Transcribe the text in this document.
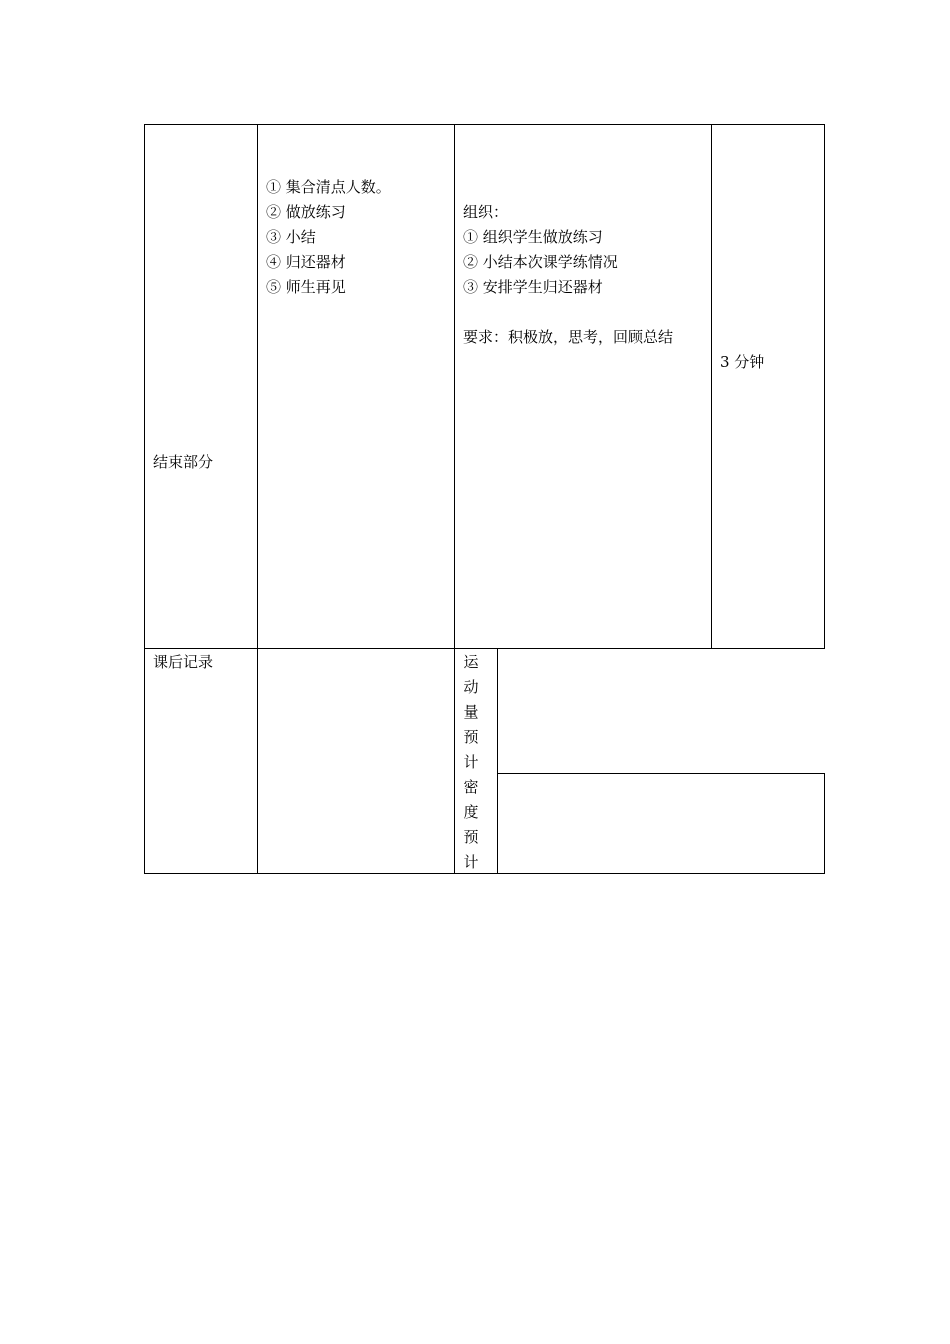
结束部分
① 集合清点人数。
② 做放练习
③ 小结
④ 归还器材
⑤ 师生再见
组织：
① 组织学生做放练习
② 小结本次课学练情况
③ 安排学生归还器材
要求：积极放，思考，回顾总结
3 分钟
课后记录	运
动
量
预
计
密
度
预
计
